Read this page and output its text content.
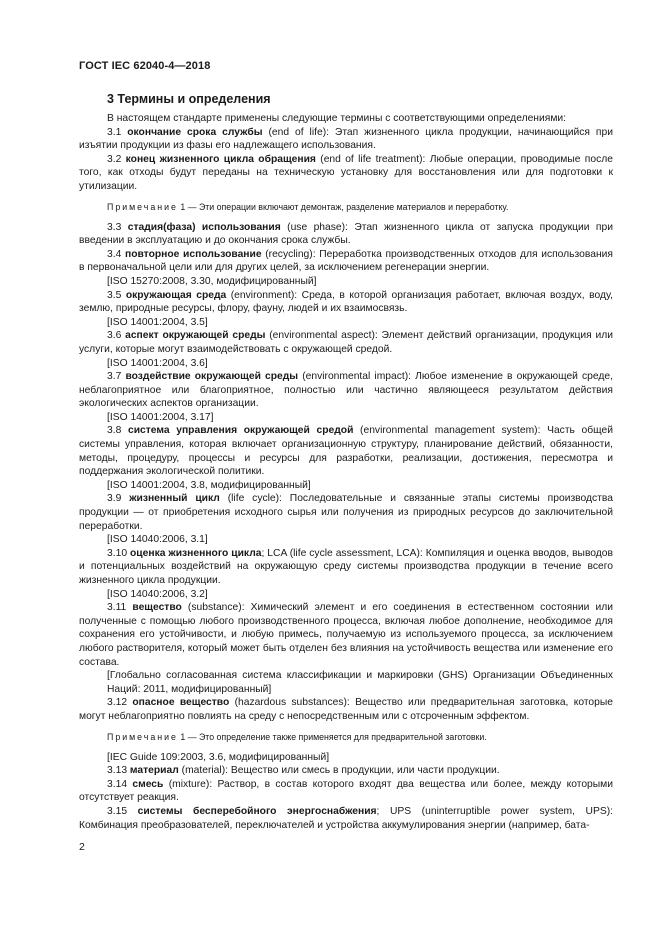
ГОСТ IEC 62040-4—2018
3 Термины и определения

В настоящем стандарте применены следующие термины с соответствующими определениями:

3.1 окончание срока службы (end of life): Этап жизненного цикла продукции, начинающийся при изъятии продукции из фазы его надлежащего использования.

3.2 конец жизненного цикла обращения (end of life treatment): Любые операции, проводимые после того, как отходы будут переданы на техническую установку для восстановления или для подготовки к утилизации.

Примечание 1 — Эти операции включают демонтаж, разделение материалов и переработку.

3.3 стадия(фаза) использования (use phase): Этап жизненного цикла от запуска продукции при введении в эксплуатацию и до окончания срока службы.

3.4 повторное использование (recycling): Переработка производственных отходов для использования в первоначальной цели или для других целей, за исключением регенерации энергии.

[ISO 15270:2008, 3.30, модифицированный]

3.5 окружающая среда (environment): Среда, в которой организация работает, включая воздух, воду, землю, природные ресурсы, флору, фауну, людей и их взаимосвязь.

[ISO 14001:2004, 3.5]

3.6 аспект окружающей среды (environmental aspect): Элемент действий организации, продукция или услуги, которые могут взаимодействовать с окружающей средой.

[ISO 14001:2004, 3.6]

3.7 воздействие окружающей среды (environmental impact): Любое изменение в окружающей среде, неблагоприятное или благоприятное, полностью или частично являющееся результатом действия экологических аспектов организации.

[ISO 14001:2004, 3.17]

3.8 система управления окружающей средой (environmental management system): Часть общей системы управления, которая включает организационную структуру, планирование действий, обязанности, методы, процедуру, процессы и ресурсы для разработки, реализации, достижения, пересмотра и поддержания экологической политики.

[ISO 14001:2004, 3.8, модифицированный]

3.9 жизненный цикл (life cycle): Последовательные и связанные этапы системы производства продукции — от приобретения исходного сырья или получения из природных ресурсов до заключительной переработки.

[ISO 14040:2006, 3.1]

3.10 оценка жизненного цикла; LCA (life cycle assessment, LCA): Компиляция и оценка вводов, выводов и потенциальных воздействий на окружающую среду системы производства продукции в течение всего жизненного цикла продукции.

[ISO 14040:2006, 3.2]

3.11 вещество (substance): Химический элемент и его соединения в естественном состоянии или полученные с помощью любого производственного процесса, включая любое дополнение, необходимое для сохранения его устойчивости, и любую примесь, получаемую из используемого процесса, за исключением любого растворителя, который может быть отделен без влияния на устойчивость вещества или изменение его состава.

[Глобально согласованная система классификации и маркировки (GHS) Организации Объединенных Наций: 2011, модифицированный]

3.12 опасное вещество (hazardous substances): Вещество или предварительная заготовка, которые могут неблагоприятно повлиять на среду с непосредственным или с отсроченным эффектом.

Примечание 1 — Это определение также применяется для предварительной заготовки.

[IEC Guide 109:2003, 3.6, модифицированный]

3.13 материал (material): Вещество или смесь в продукции, или части продукции.

3.14 смесь (mixture): Раствор, в состав которого входят два вещества или более, между которыми отсутствует реакция.

3.15 системы бесперебойного энергоснабжения; UPS (uninterruptible power system, UPS): Комбинация преобразователей, переключателей и устройства аккумулирования энергии (например, бата-

2
